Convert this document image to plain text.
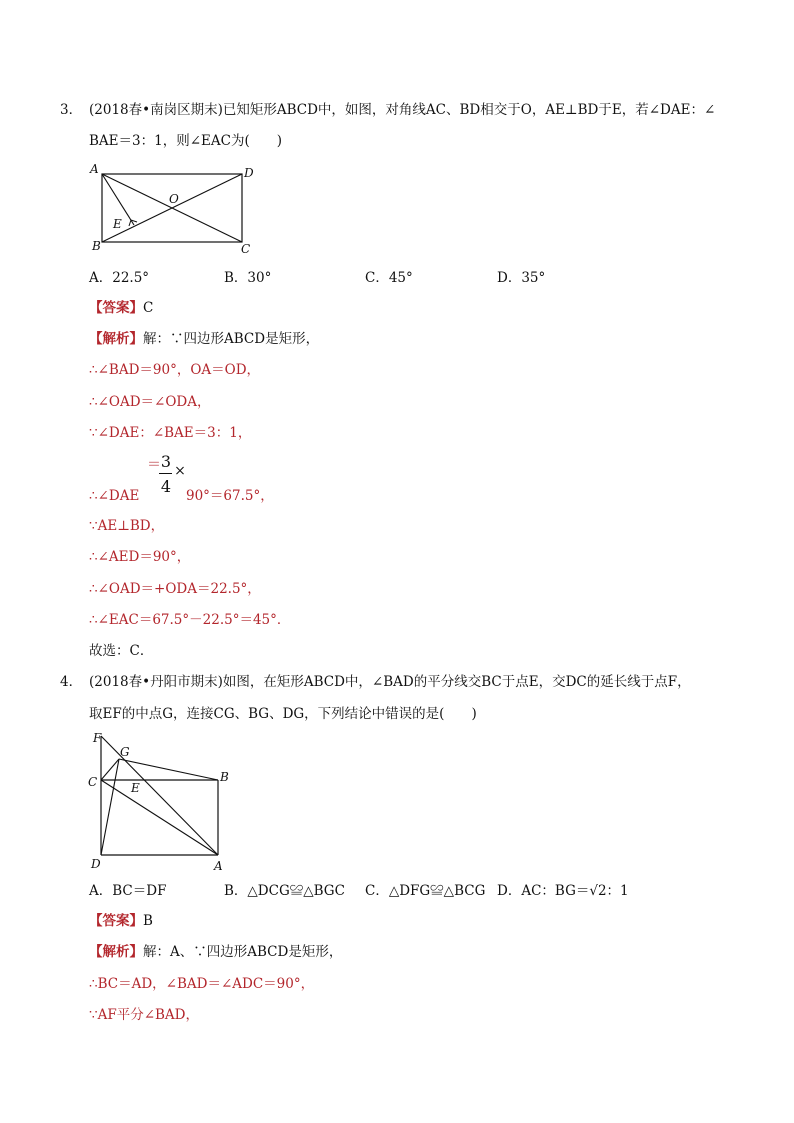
3． (2018春•南岗区期末)已知矩形ABCD中，如图，对角线AC、BD相交于O，AE⊥BD于E，若∠DAE：∠
BAE＝3：1，则∠EAC为(　　)
A	D
B	C
O
E
A．22.5°	B．30°	C．45°	D．35°
【答案】C
【解析】解：∵四边形ABCD是矩形，
∴∠BAD＝90°，OA＝OD，
∴∠OAD＝∠ODA，
∵∠DAE：∠BAE＝3：1，
＝ 3
4
×
∴∠DAE	90°＝67.5°，
∵AE⊥BD，
∴∠AED＝90°，
∴∠OAD＝+ODA＝22.5°，
∴∠EAC＝67.5°－22.5°＝45°．
故选：C．
4． (2018春•丹阳市期末)如图，在矩形ABCD中，∠BAD的平分线交BC于点E，交DC的延长线于点F，
取EF的中点G，连接CG、BG、DG，下列结论中错误的是(　　)
F
G
C	B
E
D	A
A．BC＝DF	B．△DCG≌△BGC C．△DFG≌△BCG D．AC：BG＝√2：1
【答案】B
【解析】解：A、∵四边形ABCD是矩形，
∴BC＝AD，∠BAD＝∠ADC＝90°，
∵AF平分∠BAD，
